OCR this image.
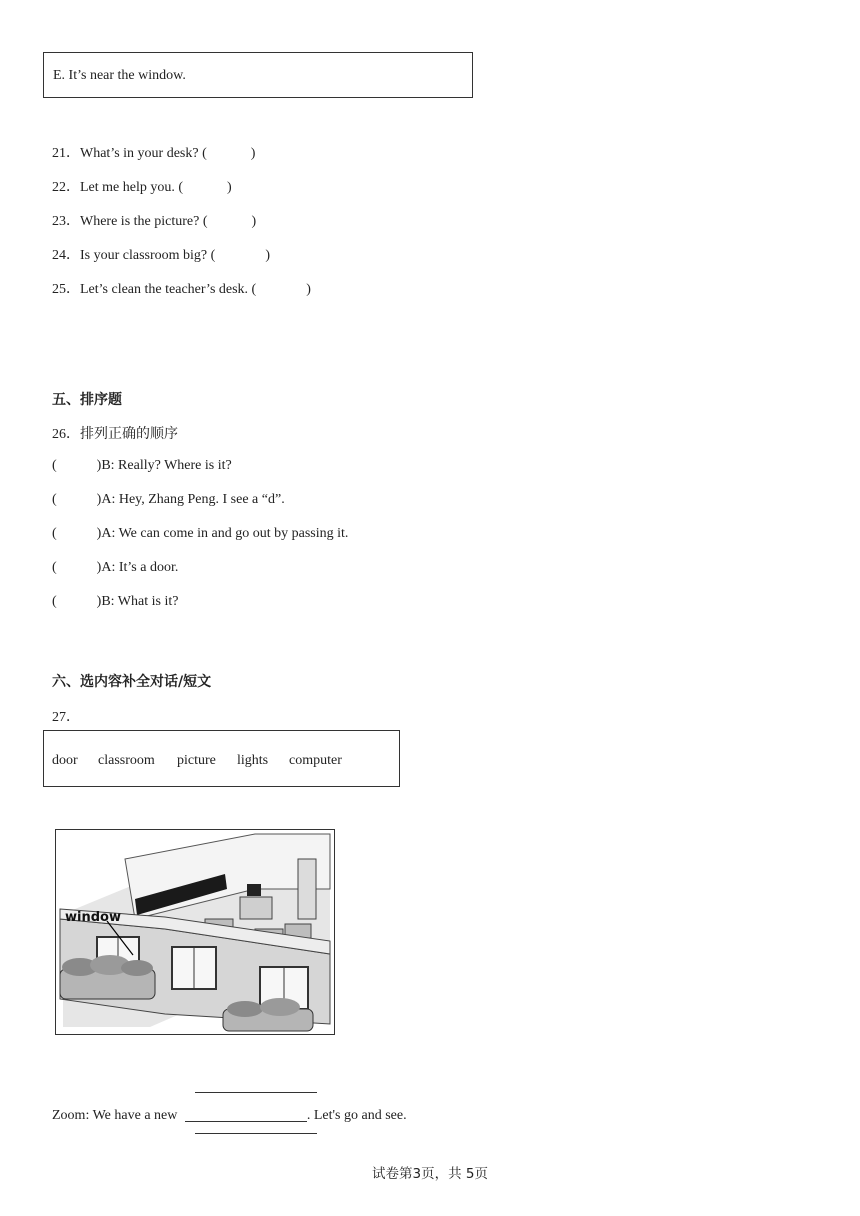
E. It’s near the window.
21．What’s in your desk? (	)
22．Let me help you. (	)
23．Where is the picture? (	)
24．Is your classroom big? (	)
25．Let’s clean the teacher’s desk. (	)
五、排序题
26．排列正确的顺序
(	)B: Really? Where is it?
(	)A: Hey, Zhang Peng. I see a “d”.
(	)A: We can come in and go out by passing it.
(	)A: It’s a door.
(	)B: What is it?
六、选内容补全对话/短文
27．
door classroom picture lights computer
window
Zoom: We have a new	. Let's go and see.
试卷第3页，共 5页
